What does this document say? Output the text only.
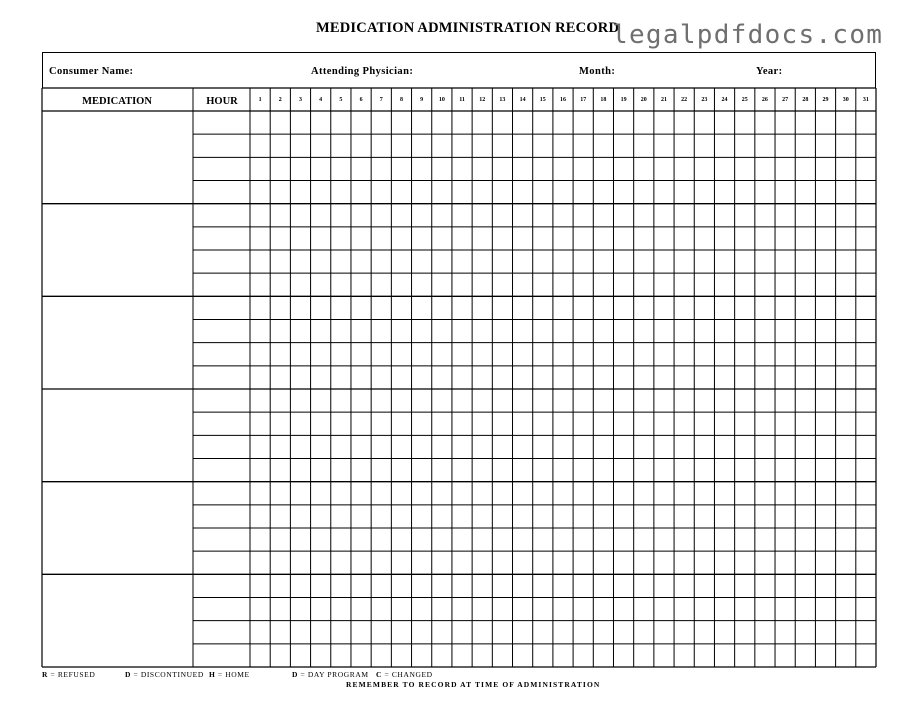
MEDICATION ADMINISTRATION RECORD
legalpdfdocs.com
Consumer Name:	Attending Physician:	Month:	Year:
MEDICATION	HOUR	1	2	3	4	5	6	7	8	9	10 11 12 13 14 15 16 17 18 19 20 21 22 23 24 25 26 27 28 29 30 31
R = REFUSED	D = DISCONTINUED H = HOME	D = DAY PROGRAM C = CHANGED
REMEMBER TO RECORD AT TIME OF ADMINISTRATION
